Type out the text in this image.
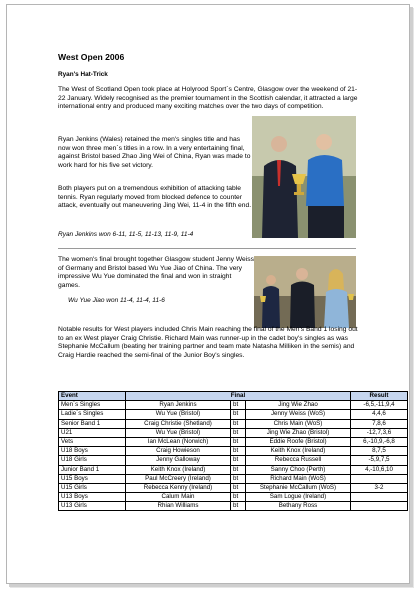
West Open 2006
Ryan's Hat-Trick
The West of Scotland Open took place at Holyrood Sport`s Centre, Glasgow over the weekend of 21-22 January. Widely recognised as the premier tournament in the Scottish calendar, it attracted a large international entry and produced many exciting matches over the two days of competition.
Ryan Jenkins (Wales) retained the men's singles title and has now won three men`s titles in a row. In a very entertaining final, against Bristol based Zhao Jing Wei of China, Ryan was made to work hard for his five set victory.
Both players put on a tremendous exhibition of attacking table tennis. Ryan regularly moved from blocked defence to counter attack, eventually out maneuvering Jing Wei, 11-4 in the fifth end.
Ryan Jenkins won 6-11, 11-5, 11-13, 11-9, 11-4
The women's final brought together Glasgow student Jenny Weiss of Germany and Bristol based Wu Yue Jiao of China. The very impressive Wu Yue dominated the final and won in straight games.
Wu Yue Jiao won 11-4, 11-4, 11-6
Notable results for West players included Chris Main reaching the final of the Men's Band 1 losing out to an ex West player Craig Christie. Richard Main was runner-up in the cadet boy's singles as was Stephanie McCallum (beating her training partner and team mate Natasha Milliken in the semis) and Craig Hardie reached the semi-final of the Junior Boy's singles.
Event	Final			Result
Men`s Singles	Ryan Jenkins	bt	Jing Wie Zhao	-6,5,-11,9,4
Ladie`s Singles	Wu Yue (Bristol)	bt	Jenny Weiss (WoS)	4,4,6
Senior Band 1	Craig Christie (Shetland)	bt	Chris Main (WoS)	7,8,6
U21	Wu Yue (Bristol)	bt	Jing Wie Zhao (Bristol)	-12,7,3,6
Vets	Ian McLean (Norwich)	bt	Eddie Roofe (Bristol)	6,-10,9,-6,8
U18 Boys	Craig Howieson	bt	Keith Knox (Ireland)	8,7,5
U18 Girls	Jenny Galloway	bt	Rebecca Russell	-5,9,7,5
Junior Band 1	Keith Knox (Ireland)	bt	Sanny Choo (Perth)	4,-10,6,10
U15 Boys	Paul McCreery (Ireland)	bt	Richard Main (WoS)	
U15 Girls	Rebecca Kenny (Ireland)	bt	Stephanie McCallum (WoS)	3-2
U13 Boys	Calum Main	bt	Sam Logue (Ireland)	
U13 Girls	Rhian Williams	bt	Bethany Ross	
